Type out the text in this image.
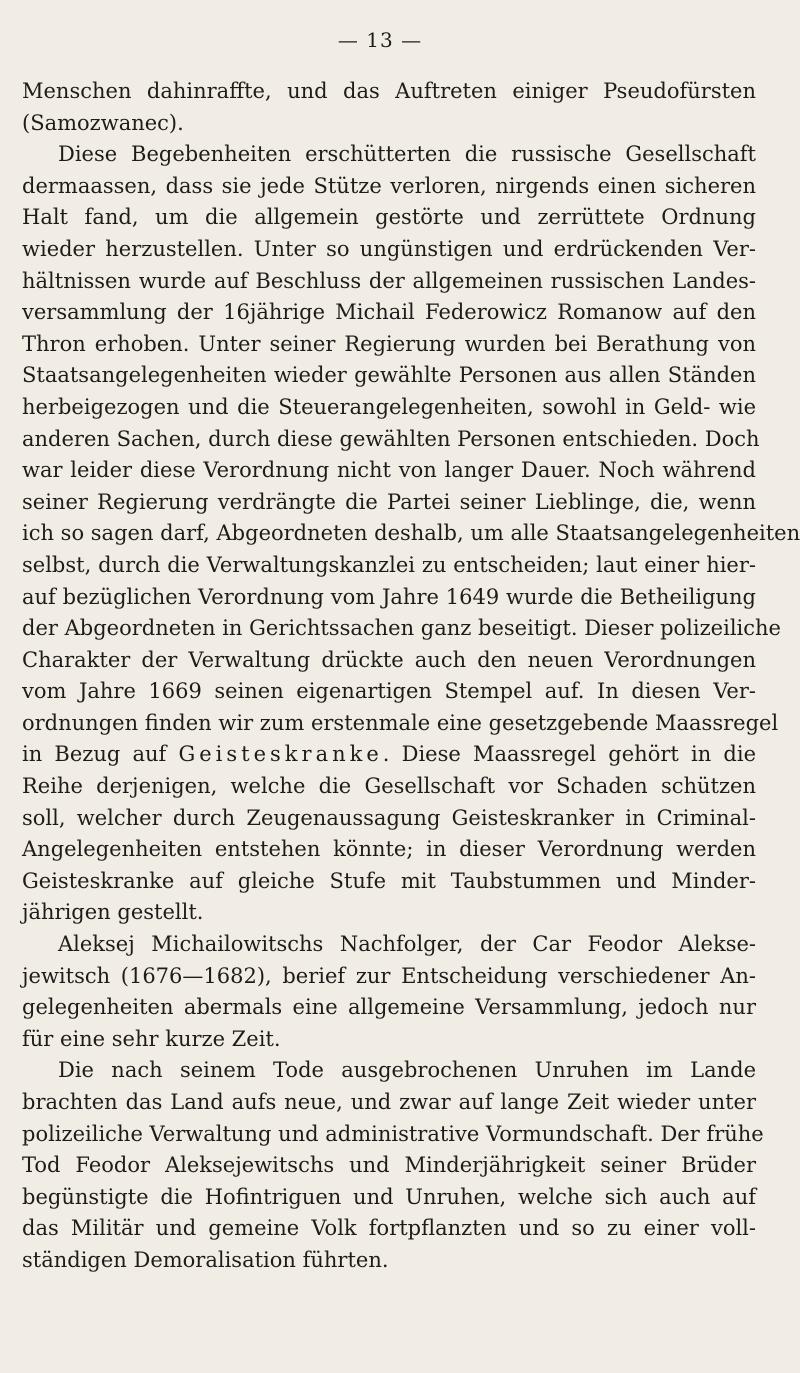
— 13 —
Menschen dahinraffte, und das Auftreten einiger Pseudofürsten
(Samozwanec).
Diese Begebenheiten erschütterten die russische Gesellschaft
dermaassen, dass sie jede Stütze verloren, nirgends einen sicheren
Halt fand, um die allgemein gestörte und zerrüttete Ordnung
wieder herzustellen. Unter so ungünstigen und erdrückenden Ver-
hältnissen wurde auf Beschluss der allgemeinen russischen Landes-
versammlung der 16jährige Michail Federowicz Romanow auf den
Thron erhoben. Unter seiner Regierung wurden bei Berathung von
Staatsangelegenheiten wieder gewählte Personen aus allen Ständen
herbeigezogen und die Steuerangelegenheiten, sowohl in Geld- wie
anderen Sachen, durch diese gewählten Personen entschieden. Doch
war leider diese Verordnung nicht von langer Dauer. Noch während
seiner Regierung verdrängte die Partei seiner Lieblinge, die, wenn
ich so sagen darf, Abgeordneten deshalb, um alle Staatsangelegenheiten
selbst, durch die Verwaltungskanzlei zu entscheiden; laut einer hier-
auf bezüglichen Verordnung vom Jahre 1649 wurde die Betheiligung
der Abgeordneten in Gerichtssachen ganz beseitigt. Dieser polizeiliche
Charakter der Verwaltung drückte auch den neuen Verordnungen
vom Jahre 1669 seinen eigenartigen Stempel auf. In diesen Ver-
ordnungen finden wir zum erstenmale eine gesetzgebende Maassregel
in Bezug auf Geisteskranke. Diese Maassregel gehört in die
Reihe derjenigen, welche die Gesellschaft vor Schaden schützen
soll, welcher durch Zeugenaussagung Geisteskranker in Criminal-
Angelegenheiten entstehen könnte; in dieser Verordnung werden
Geisteskranke auf gleiche Stufe mit Taubstummen und Minder-
jährigen gestellt.
Aleksej Michailowitschs Nachfolger, der Car Feodor Alekse-
jewitsch (1676—1682), berief zur Entscheidung verschiedener An-
gelegenheiten abermals eine allgemeine Versammlung, jedoch nur
für eine sehr kurze Zeit.
Die nach seinem Tode ausgebrochenen Unruhen im Lande
brachten das Land aufs neue, und zwar auf lange Zeit wieder unter
polizeiliche Verwaltung und administrative Vormundschaft. Der frühe
Tod Feodor Aleksejewitschs und Minderjährigkeit seiner Brüder
begünstigte die Hofintriguen und Unruhen, welche sich auch auf
das Militär und gemeine Volk fortpflanzten und so zu einer voll-
ständigen Demoralisation führten.
